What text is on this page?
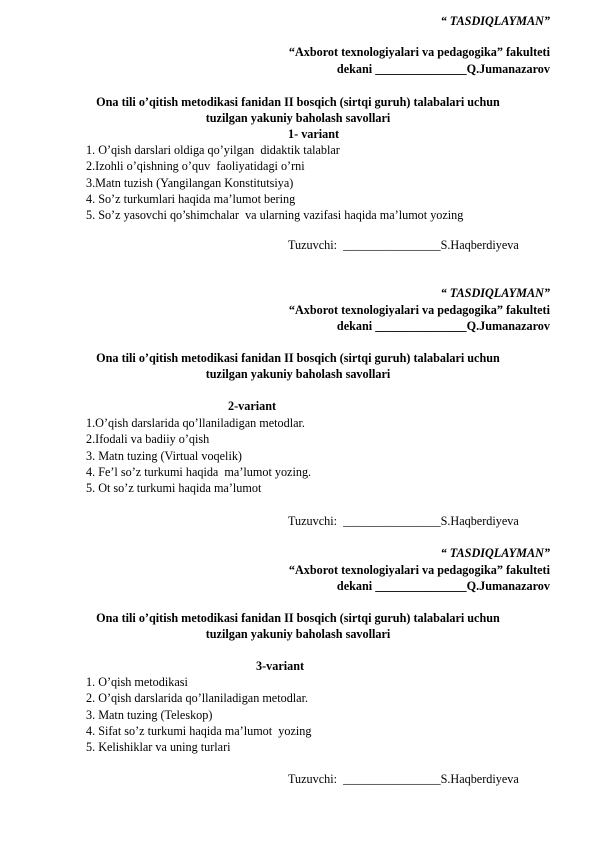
“ TASDIQLAYMAN”
“Axborot texnologiyalari va pedagogika” fakulteti
dekani _______________Q.Jumanazarov
Ona tili o’qitish metodikasi fanidan II bosqich (sirtqi guruh) talabalari uchun
tuzilgan yakuniy baholash savollari
1- variant
1. O’qish darslari oldiga qo’yilgan  didaktik talablar
2.Izohli o’qishning o’quv  faoliyatidagi o’rni
3.Matn tuzish (Yangilangan Konstitutsiya)
4. So’z turkumlari haqida ma’lumot bering
5. So’z yasovchi qo’shimchalar  va ularning vazifasi haqida ma’lumot yozing
Tuzuvchi:  ________________S.Haqberdiyeva
“ TASDIQLAYMAN”
“Axborot texnologiyalari va pedagogika” fakulteti
dekani _______________Q.Jumanazarov
Ona tili o’qitish metodikasi fanidan II bosqich (sirtqi guruh) talabalari uchun
tuzilgan yakuniy baholash savollari
2-variant
1.O’qish darslarida qo’llaniladigan metodlar.
2.Ifodali va badiiy o’qish
3. Matn tuzing (Virtual voqelik)
4. Fe’l so’z turkumi haqida  ma’lumot yozing.
5. Ot so’z turkumi haqida ma’lumot
Tuzuvchi:  ________________S.Haqberdiyeva
“ TASDIQLAYMAN”
“Axborot texnologiyalari va pedagogika” fakulteti
dekani _______________Q.Jumanazarov
Ona tili o’qitish metodikasi fanidan II bosqich (sirtqi guruh) talabalari uchun
tuzilgan yakuniy baholash savollari
3-variant
1. O’qish metodikasi
2. O’qish darslarida qo’llaniladigan metodlar.
3. Matn tuzing (Teleskop)
4. Sifat so’z turkumi haqida ma’lumot  yozing
5. Kelishiklar va uning turlari
Tuzuvchi:  ________________S.Haqberdiyeva
